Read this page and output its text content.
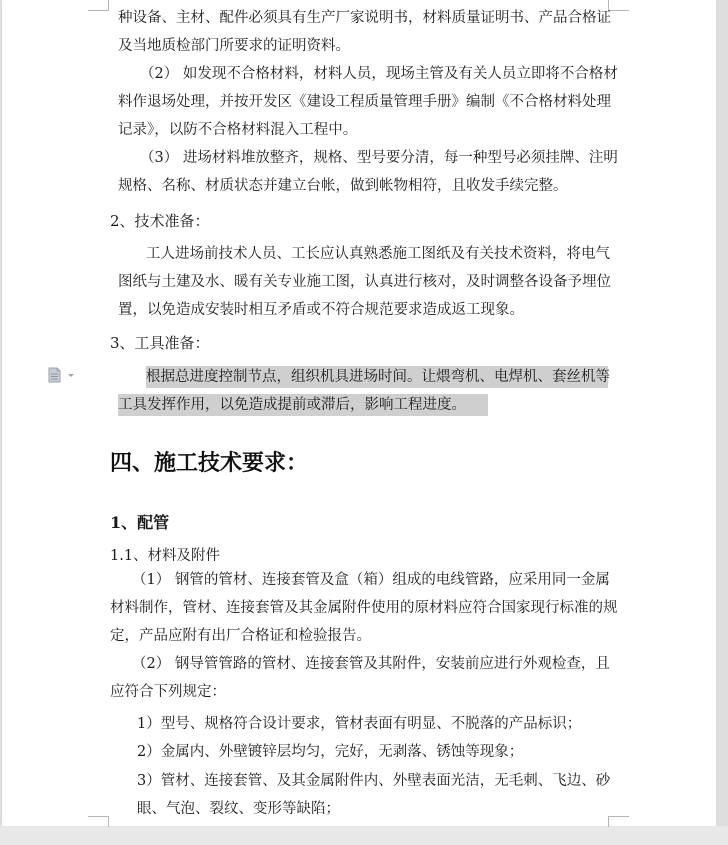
种设备、主材、配件必须具有生产厂家说明书，材料质量证明书、产品合格证
及当地质检部门所要求的证明资料。
（2） 如发现不合格材料，材料人员，现场主管及有关人员立即将不合格材
料作退场处理，并按开发区《建设工程质量管理手册》编制《不合格材料处理
记录》，以防不合格材料混入工程中。
（3） 进场材料堆放整齐，规格、型号要分清，每一种型号必须挂牌、注明
规格、名称、材质状态并建立台帐，做到帐物相符，且收发手续完整。
2、技术准备：
工人进场前技术人员、工长应认真熟悉施工图纸及有关技术资料，将电气
图纸与土建及水、暖有关专业施工图，认真进行核对，及时调整各设备予埋位
置，以免造成安装时相互矛盾或不符合规范要求造成返工现象。
3、工具准备：
根据总进度控制节点，组织机具进场时间。让煨弯机、电焊机、套丝机等
工具发挥作用，以免造成提前或滞后，影响工程进度。
四、施工技术要求：
1、配管
1.1、材料及附件
（1） 钢管的管材、连接套管及盒（箱）组成的电线管路，应采用同一金属
材料制作，管材、连接套管及其金属附件使用的原材料应符合国家现行标准的规
定，产品应附有出厂合格证和检验报告。
（2） 钢导管管路的管材、连接套管及其附件，安装前应进行外观检查，且
应符合下列规定：
1）型号、规格符合设计要求，管材表面有明显、不脱落的产品标识；
2）金属内、外壁镀锌层均匀，完好，无剥落、锈蚀等现象；
3）管材、连接套管、及其金属附件内、外壁表面光洁，无毛刺、飞边、砂
眼、气泡、裂纹、变形等缺陷；
